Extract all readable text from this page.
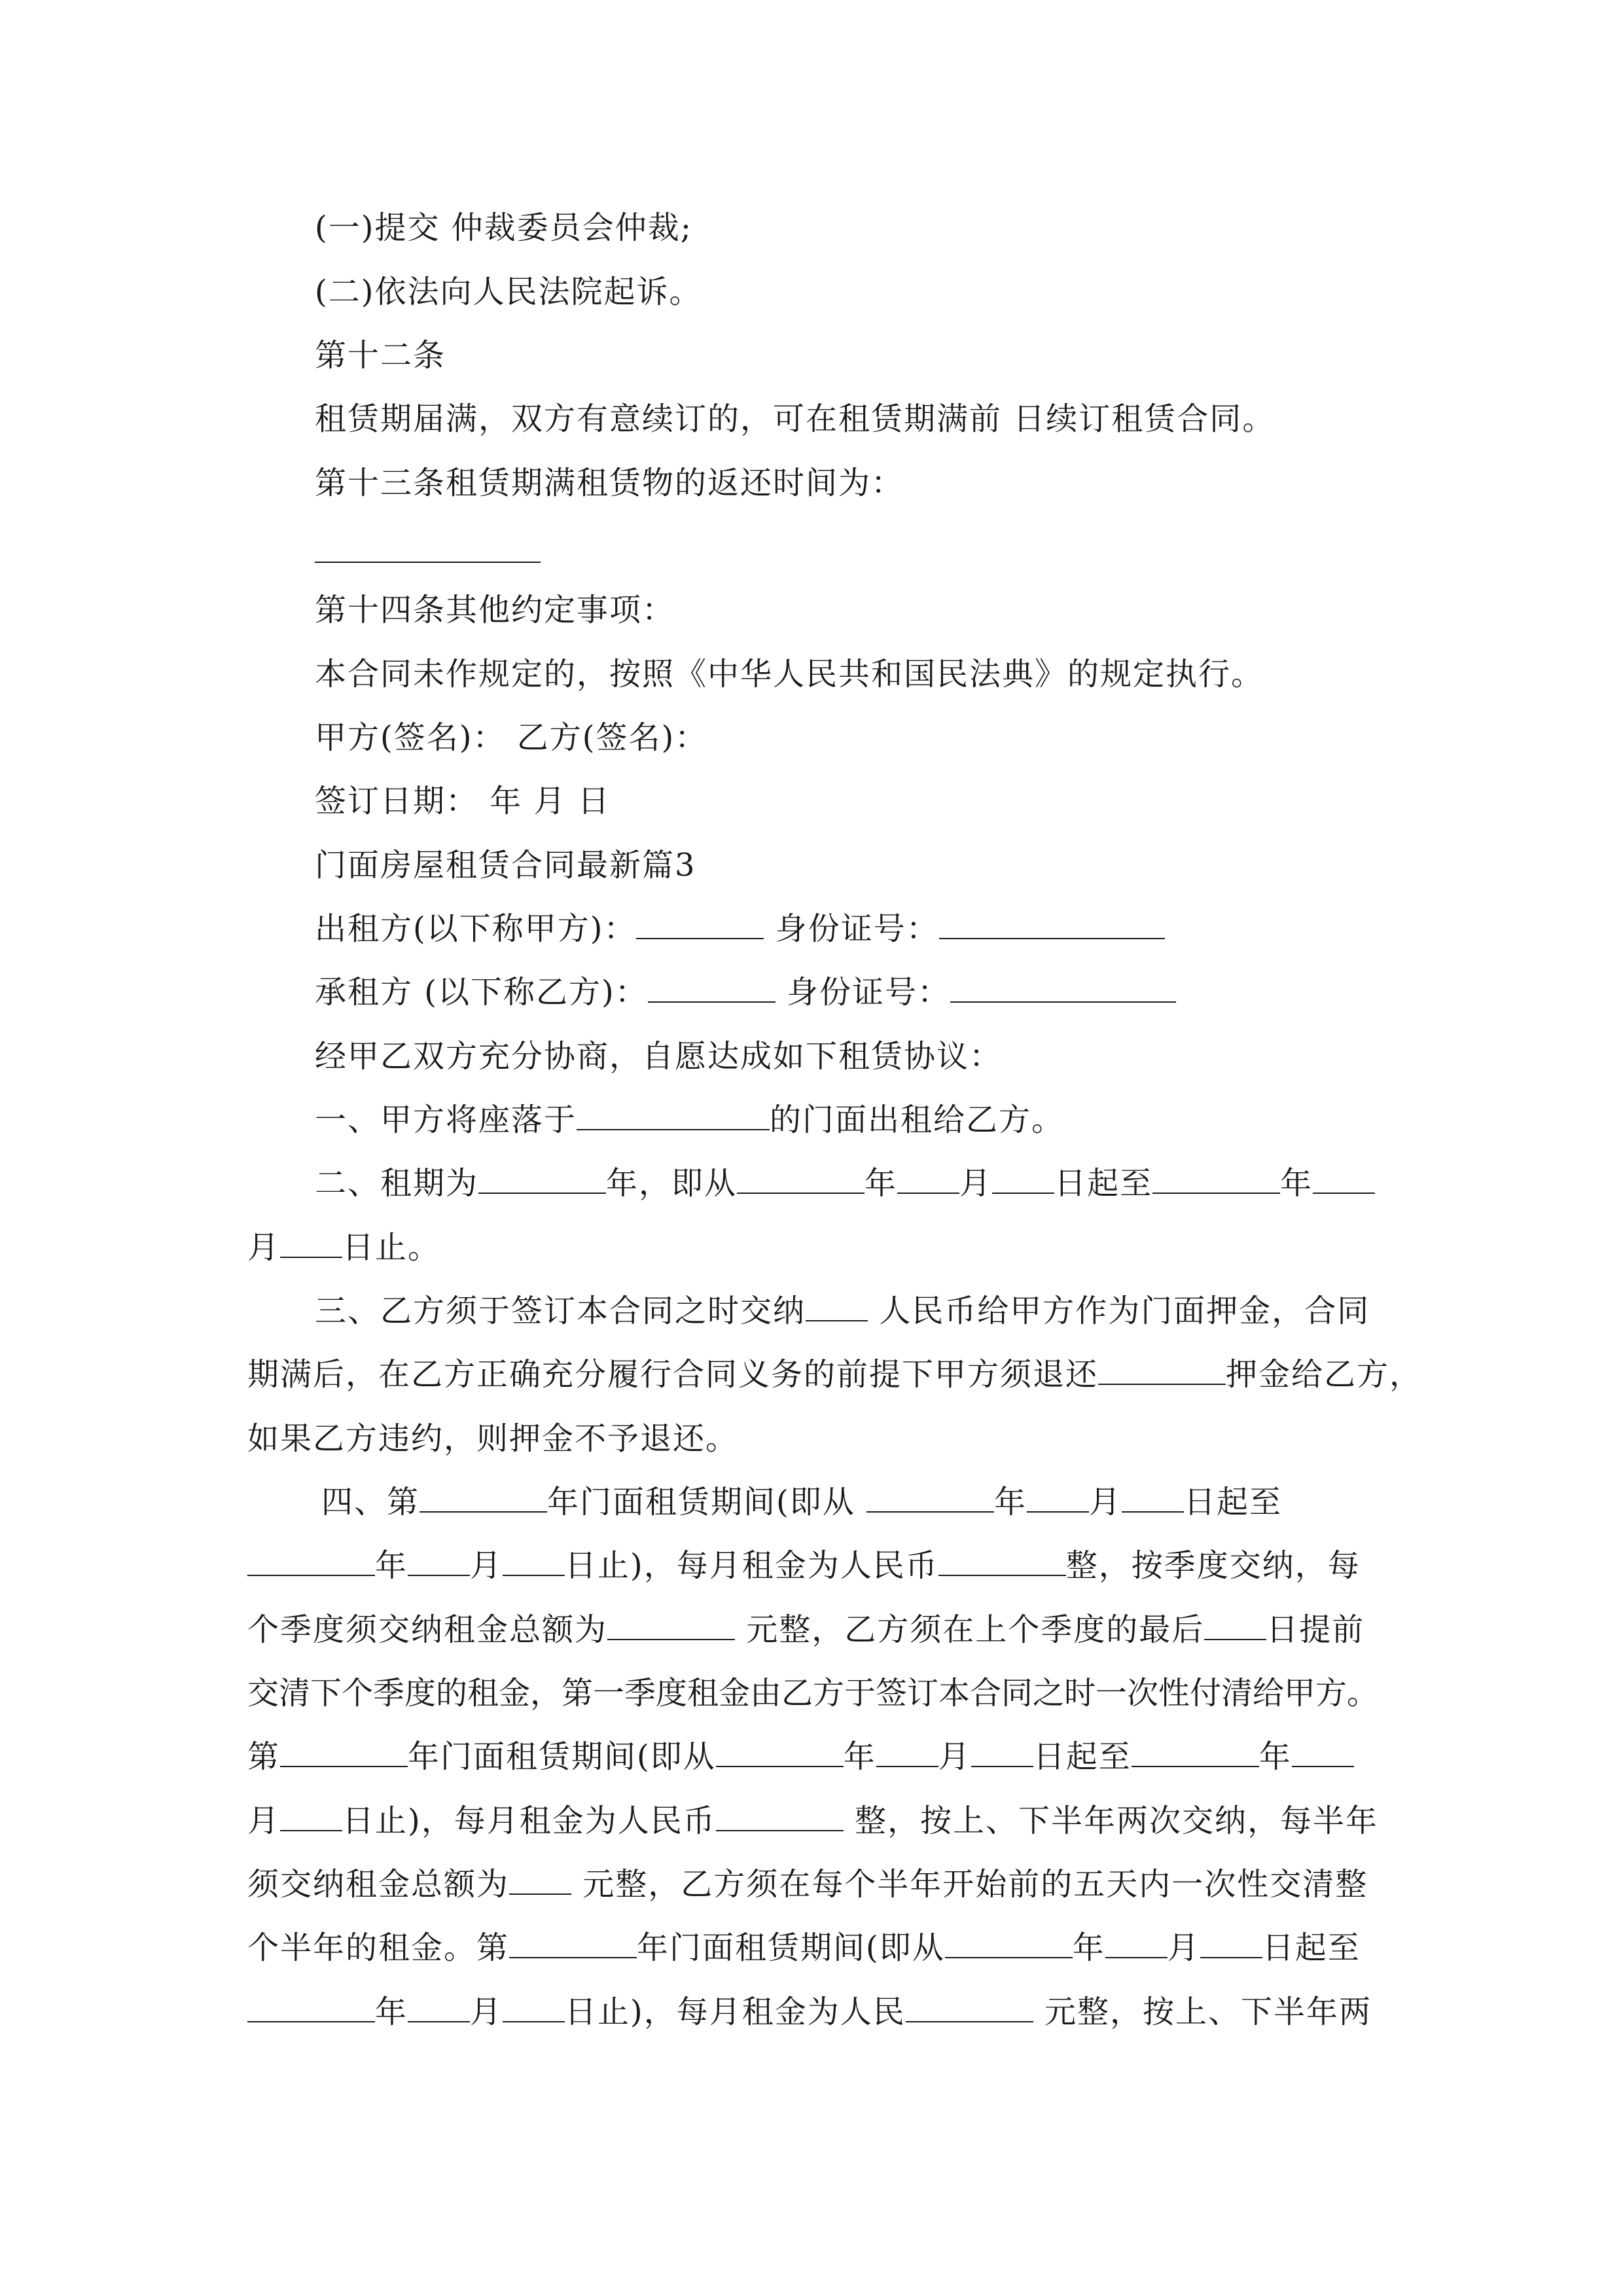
(一)提交 仲裁委员会仲裁;
(二)依法向人民法院起诉。
第十二条
租赁期届满，双方有意续订的，可在租赁期满前 日续订租赁合同。
第十三条租赁期满租赁物的返还时间为：
第十四条其他约定事项：
本合同未作规定的，按照《中华人民共和国民法典》的规定执行。
甲方(签名)： 乙方(签名)：
签订日期： 年 月 日
门面房屋租赁合同最新篇3
出租方(以下称甲方)：	身份证号：
承租方 (以下称乙方)：	身份证号：
经甲乙双方充分协商，自愿达成如下租赁协议：
一、甲方将座落于	的门面出租给乙方。
二、租期为	年，即从	年 月 日起至	年
月 日止。
三、乙方须于签订本合同之时交纳 人民币给甲方作为门面押金，合同
期满后，在乙方正确充分履行合同义务的前提下甲方须退还	押金给乙方，
如果乙方违约，则押金不予退还。
四、第	年门面租赁期间(即从	年 月 日起至
年 月 日止)，每月租金为人民币	整，按季度交纳，每
个季度须交纳租金总额为	元整，乙方须在上个季度的最后 日提前
交清下个季度的租金，第一季度租金由乙方于签订本合同之时一次性付清给甲方。
第	年门面租赁期间(即从	年 月 日起至	年
月 日止)，每月租金为人民币	整，按上、下半年两次交纳，每半年
须交纳租金总额为 元整，乙方须在每个半年开始前的五天内一次性交清整
个半年的租金。第	年门面租赁期间(即从	年 月 日起至
年 月 日止)，每月租金为人民	元整，按上、下半年两
